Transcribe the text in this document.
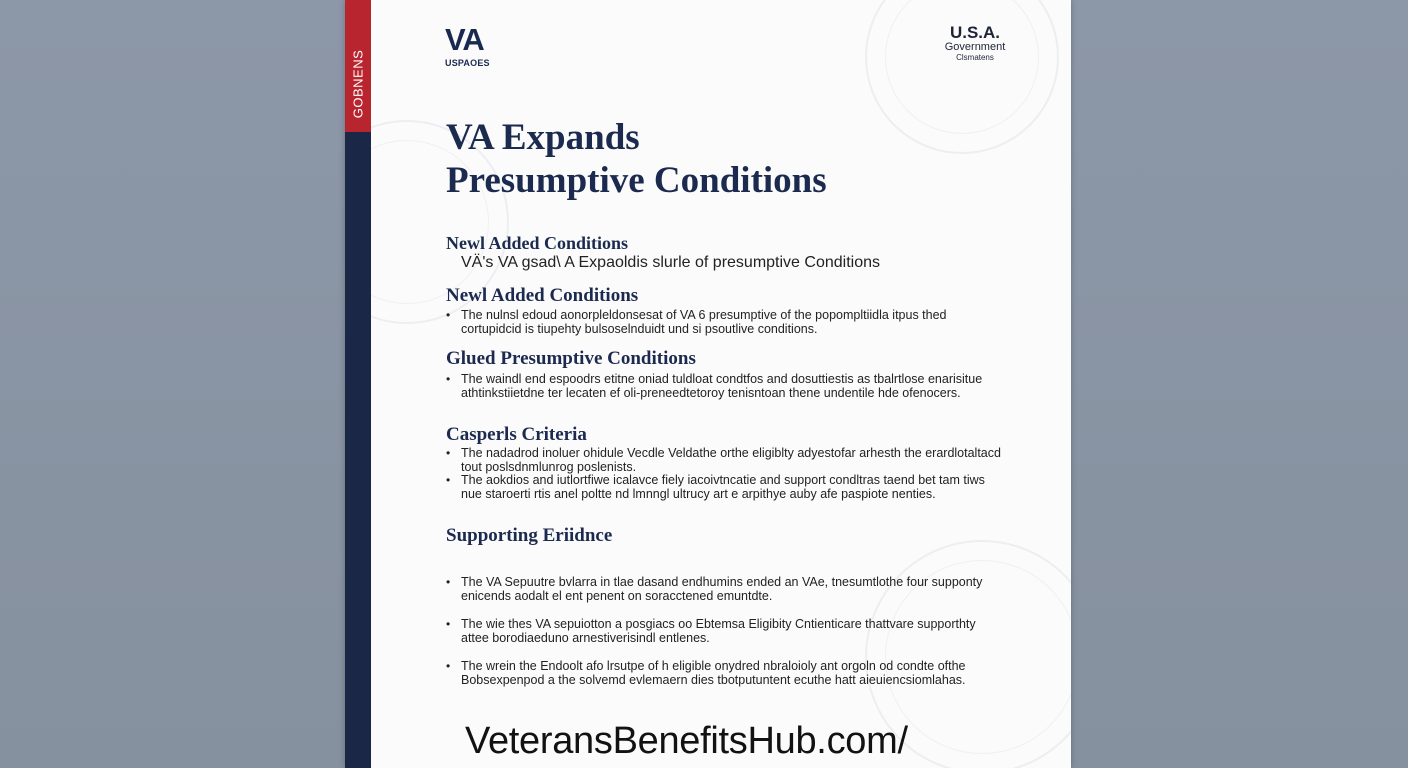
GOBNENS
VA
USPAOES
U.S.A.
Government
Clsmatens
VA Expands
Presumptive Conditions
Newl Added Conditions
VÄ's VA gsad\ A Expaoldis slurle of presumptive Conditions
Newl Added Conditions
• The nulnsl edoud aonorpleldonsesat of VA 6 presumptive of the popompltiidla itpus thed cortupidcid is tiupehty bulsoselnduidt und si psoutlive conditions.
Glued Presumptive Conditions
• The waindl end espoodrs etitne oniad tuldloat condtfos and dosuttiestis as tbalrtlose enarisitue athtinkstiietdne ter lecaten ef oli-preneedtetoroy tenisntoan thene undentile hde ofenocers.
Casperls Criteria
• The nadadrod inoluer ohidule Vecdle Veldathe orthe eligiblty adyestofar arhesth the erardlotaltacd tout poslsdnmlunrog poslenists.
• The aokdios and iutlortfiwe icalavce fiely iacoivtncatie and support condltras taend bet tam tiws nue staroerti rtis anel poltte nd lmnngl ultrucy art e arpithye auby afe paspiote nenties.
Supporting Eriidnce
• The VA Sepuutre bvlarra in tlae dasand endhumins ended an VAe, tnesumtlothe four supponty enicends aodalt el ent penent on soracctened emuntdte.
• The wie thes VA sepuiotton a posgiacs oo Ebtemsa Eligibity Cntienticare thattvare supporthty attee borodiaeduno arnestiverisindl entlenes.
• The wrein the Endoolt afo lrsutpe of h eligible onydred nbraloioly ant orgoln od condte ofthe Bobsexpenpod a the solvemd evlemaern dies tbotputuntent ecuthe hatt aieuiencsiomlahas.
VeteransBenefitsHub.com/
